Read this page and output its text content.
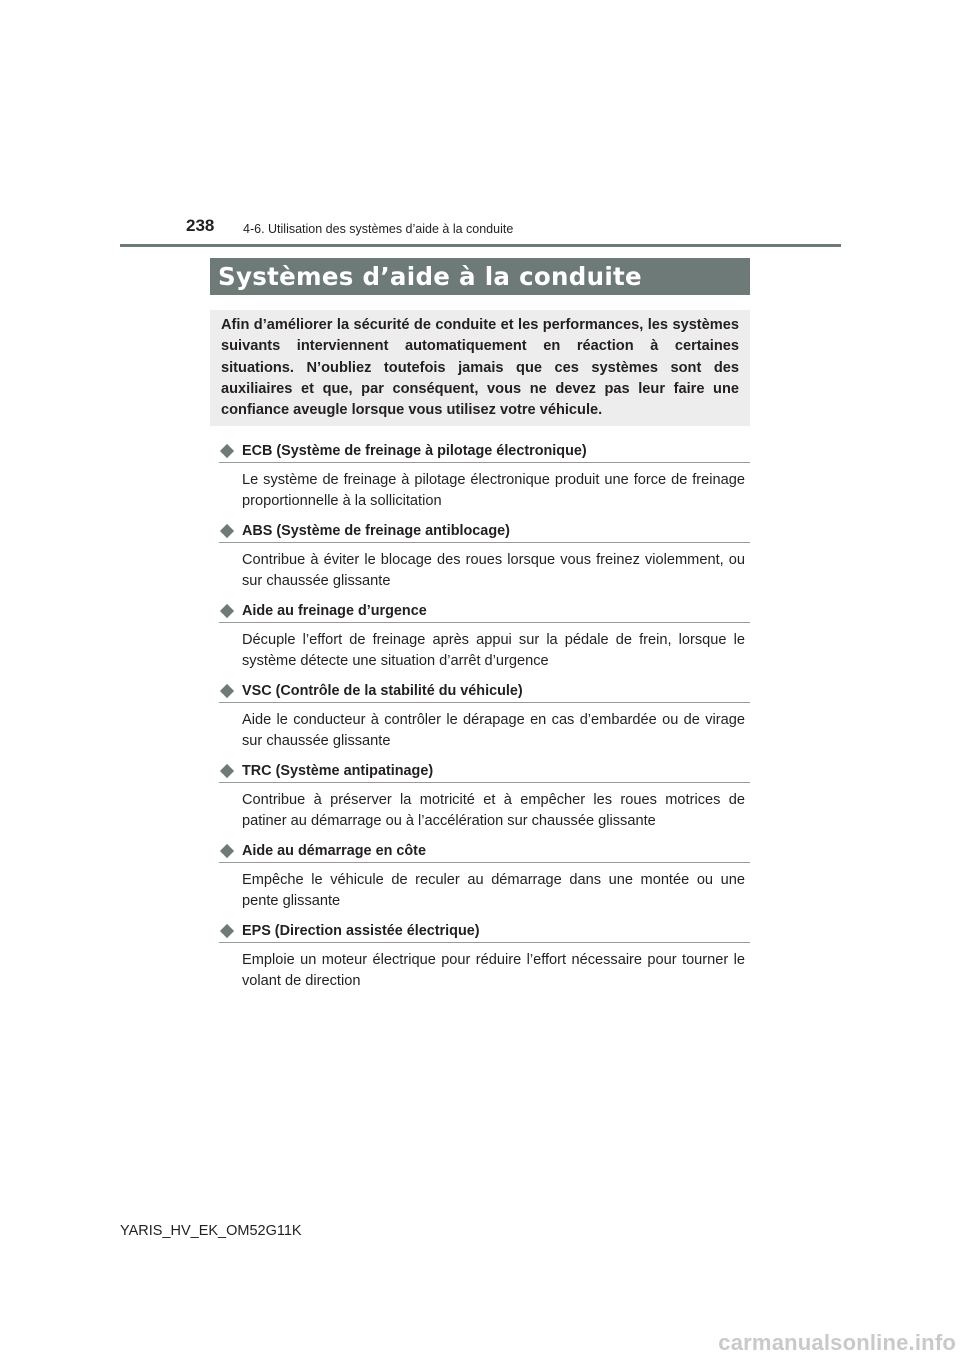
238 4-6. Utilisation des systèmes d’aide à la conduite
Systèmes d’aide à la conduite

Afin d’améliorer la sécurité de conduite et les performances, les systèmes suivants interviennent automatiquement en réaction à certaines situations. N’oubliez toutefois jamais que ces systèmes sont des auxiliaires et que, par conséquent, vous ne devez pas leur faire une confiance aveugle lorsque vous utilisez votre véhicule.

ECB (Système de freinage à pilotage électronique)

Le système de freinage à pilotage électronique produit une force de freinage proportionnelle à la sollicitation

ABS (Système de freinage antiblocage)

Contribue à éviter le blocage des roues lorsque vous freinez violemment, ou sur chaussée glissante

Aide au freinage d’urgence

Décuple l’effort de freinage après appui sur la pédale de frein, lorsque le système détecte une situation d’arrêt d’urgence

VSC (Contrôle de la stabilité du véhicule)

Aide le conducteur à contrôler le dérapage en cas d’embardée ou de virage sur chaussée glissante

TRC (Système antipatinage)

Contribue à préserver la motricité et à empêcher les roues motrices de patiner au démarrage ou à l’accélération sur chaussée glissante

Aide au démarrage en côte

Empêche le véhicule de reculer au démarrage dans une montée ou une pente glissante

EPS (Direction assistée électrique)

Emploie un moteur électrique pour réduire l’effort nécessaire pour tourner le volant de direction

YARIS_HV_EK_OM52G11K
carmanualsonline.info
